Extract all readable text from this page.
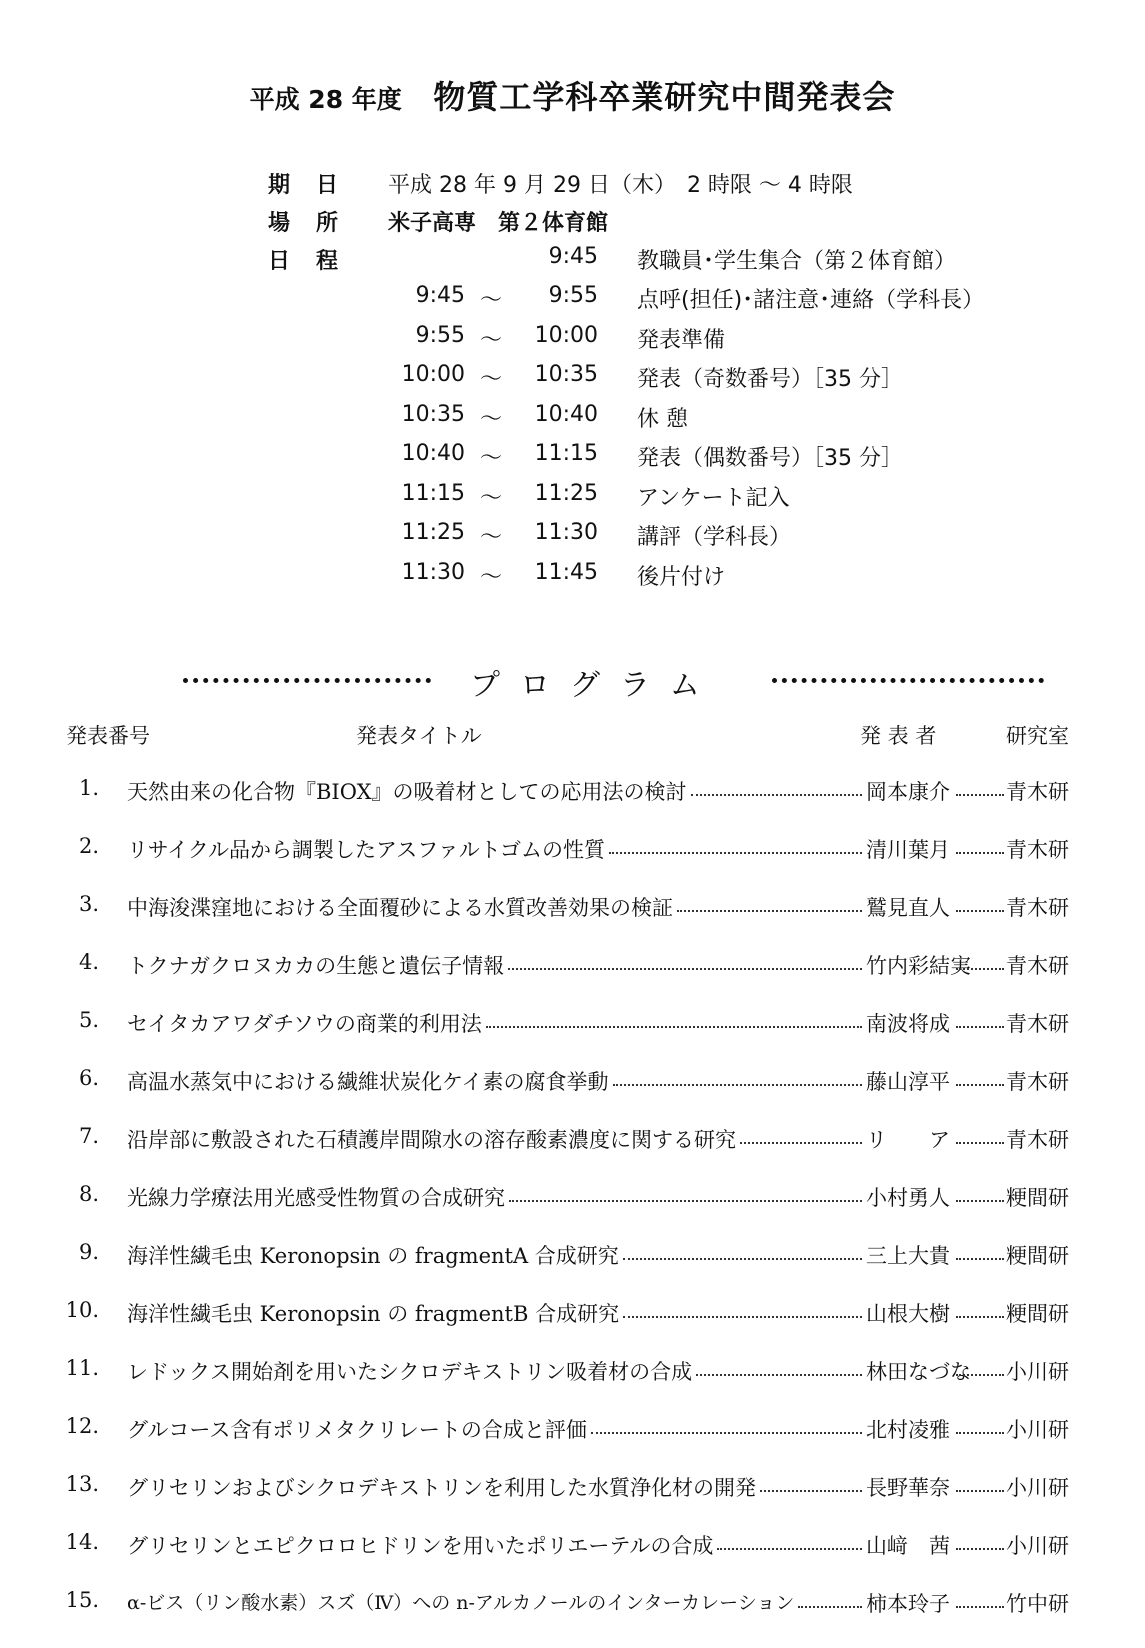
平成 28 年度 物質工学科卒業研究中間発表会
期日 平成 28 年 9 月 29 日（木）　2 時限 ～ 4 時限
場所 米子高専　第２体育館
日程	9:45 教職員･学生集合（第２体育館）
9:45 ～ 9:55 点呼(担任)･諸注意･連絡（学科長）
9:55 ～ 10:00 発表準備
10:00 ～ 10:35 発表（奇数番号）［35 分］
10:35 ～ 10:40 休 憩
10:40 ～ 11:15 発表（偶数番号）［35 分］
11:15 ～ 11:25 アンケート記入
11:25 ～ 11:30 講評（学科長）
11:30 ～ 11:45 後片付け
プログラム
発表番号	発表タイトル	発 表 者	研究室
1. 天然由来の化合物『BIOX』の吸着材としての応用法の検討	岡本康介	青木研
2. リサイクル品から調製したアスファルトゴムの性質	清川葉月	青木研
3. 中海浚渫窪地における全面覆砂による水質改善効果の検証	鷲見直人	青木研
4. トクナガクロヌカカの生態と遺伝子情報	竹内彩結実 青木研
5. セイタカアワダチソウの商業的利用法	南波将成	青木研
6. 高温水蒸気中における繊維状炭化ケイ素の腐食挙動	藤山淳平	青木研
7. 沿岸部に敷設された石積護岸間隙水の溶存酸素濃度に関する研究	リ　　ア	青木研
8. 光線力学療法用光感受性物質の合成研究	小村勇人	粳間研
9. 海洋性繊毛虫 Keronopsin の fragmentA 合成研究	三上大貴	粳間研
10. 海洋性繊毛虫 Keronopsin の fragmentB 合成研究	山根大樹	粳間研
11. レドックス開始剤を用いたシクロデキストリン吸着材の合成	林田なづな 小川研
12. グルコース含有ポリメタクリレートの合成と評価	北村凌雅	小川研
13. グリセリンおよびシクロデキストリンを利用した水質浄化材の開発	長野華奈	小川研
14. グリセリンとエピクロロヒドリンを用いたポリエーテルの合成	山﨑　茜	小川研
15. α-ビス（リン酸水素）スズ（Ⅳ）への n-アルカノールのインターカレーション	柿本玲子	竹中研
